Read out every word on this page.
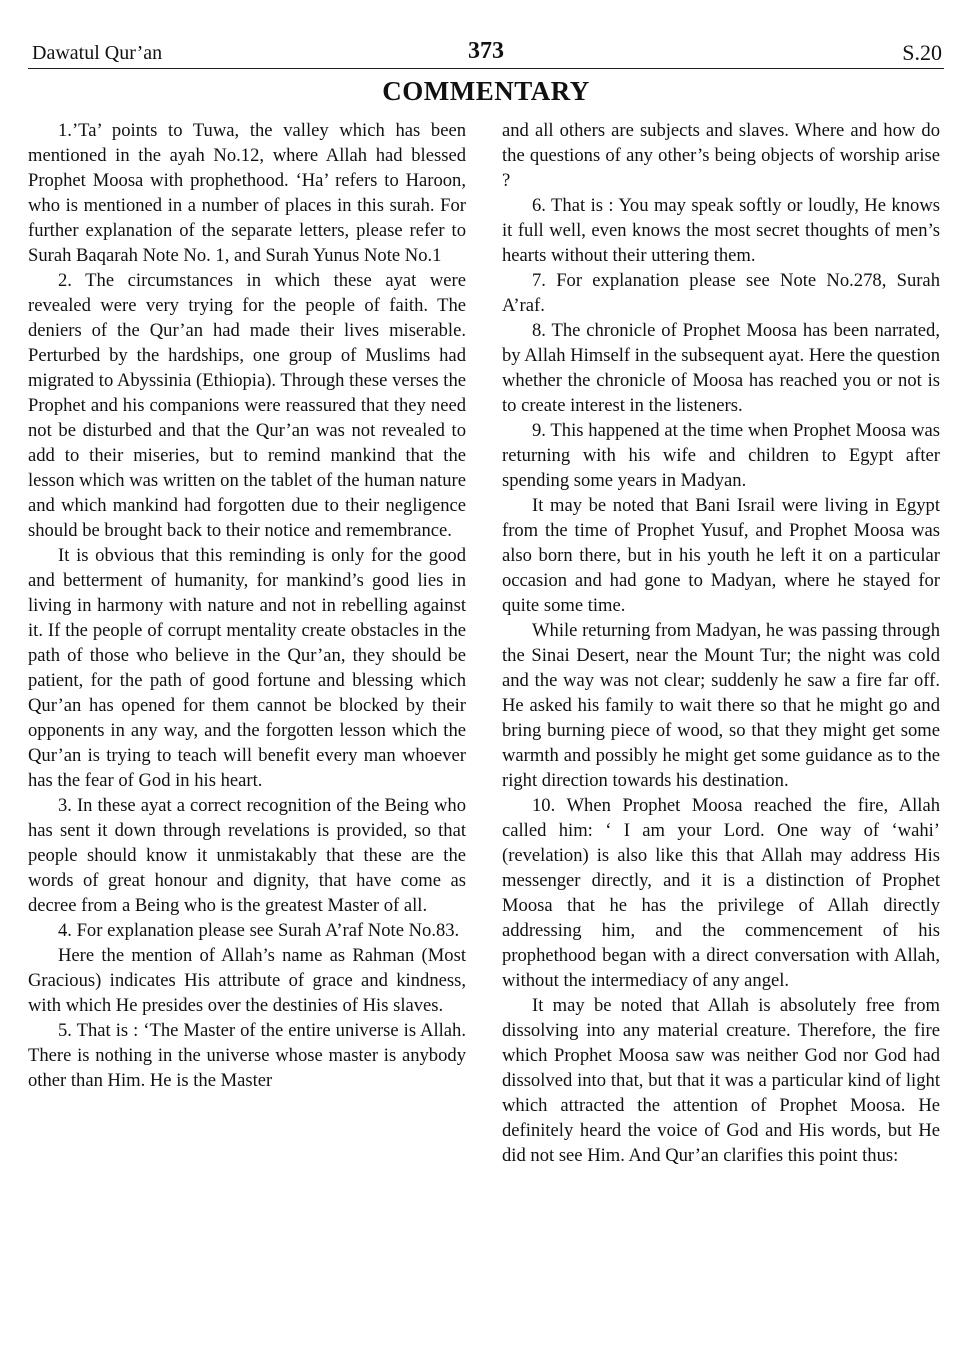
Dawatul Qur’an	373	S.20
COMMENTARY

1.’Ta’ points to Tuwa, the valley which has been mentioned in the ayah No.12, where Allah had blessed Prophet Moosa with prophethood. ‘Ha’ refers to Haroon, who is mentioned in a number of places in this surah. For further explanation of the separate letters, please refer to Surah Baqarah Note No. 1, and Surah Yunus Note No.1

2. The circumstances in which these ayat were revealed were very trying for the people of faith. The deniers of the Qur’an had made their lives miserable. Perturbed by the hardships, one group of Muslims had migrated to Abyssinia (Ethiopia). Through these verses the Prophet and his companions were reassured that they need not be disturbed and that the Qur’an was not revealed to add to their miseries, but to remind mankind that the lesson which was written on the tablet of the human nature and which mankind had forgotten due to their negligence should be brought back to their notice and remembrance.

It is obvious that this reminding is only for the good and betterment of humanity, for mankind’s good lies in living in harmony with nature and not in rebelling against it. If the people of corrupt mentality create obstacles in the path of those who believe in the Qur’an, they should be patient, for the path of good fortune and blessing which Qur’an has opened for them cannot be blocked by their opponents in any way, and the forgotten lesson which the Qur’an is trying to teach will benefit every man whoever has the fear of God in his heart.

3. In these ayat a correct recognition of the Being who has sent it down through revelations is provided, so that people should know it unmistakably that these are the words of great honour and dignity, that have come as decree from a Being who is the greatest Master of all.

4. For explanation please see Surah A’raf Note No.83.

Here the mention of Allah’s name as Rahman (Most Gracious) indicates His attribute of grace and kindness, with which He presides over the destinies of His slaves.

5. That is : ‘The Master of the entire universe is Allah. There is nothing in the universe whose master is anybody other than Him. He is the Master

and all others are subjects and slaves. Where and how do the questions of any other’s being objects of worship arise ?

6. That is : You may speak softly or loudly, He knows it full well, even knows the most secret thoughts of men’s hearts without their uttering them.

7. For explanation please see Note No.278, Surah A’raf.

8. The chronicle of Prophet Moosa has been narrated, by Allah Himself in the subsequent ayat. Here the question whether the chronicle of Moosa has reached you or not is to create interest in the listeners.

9. This happened at the time when Prophet Moosa was returning with his wife and children to Egypt after spending some years in Madyan.

It may be noted that Bani Israil were living in Egypt from the time of Prophet Yusuf, and Prophet Moosa was also born there, but in his youth he left it on a particular occasion and had gone to Madyan, where he stayed for quite some time.

While returning from Madyan, he was passing through the Sinai Desert, near the Mount Tur; the night was cold and the way was not clear; suddenly he saw a fire far off. He asked his family to wait there so that he might go and bring burning piece of wood, so that they might get some warmth and possibly he might get some guidance as to the right direction towards his destination.

10. When Prophet Moosa reached the fire, Allah called him: ‘ I am your Lord. One way of ‘wahi’ (revelation) is also like this that Allah may address His messenger directly, and it is a distinction of Prophet Moosa that he has the privilege of Allah directly addressing him, and the commencement of his prophethood began with a direct conversation with Allah, without the intermediacy of any angel.

It may be noted that Allah is absolutely free from dissolving into any material creature. Therefore, the fire which Prophet Moosa saw was neither God nor God had dissolved into that, but that it was a particular kind of light which attracted the attention of Prophet Moosa. He definitely heard the voice of God and His words, but He did not see Him. And Qur’an clarifies this point thus:
